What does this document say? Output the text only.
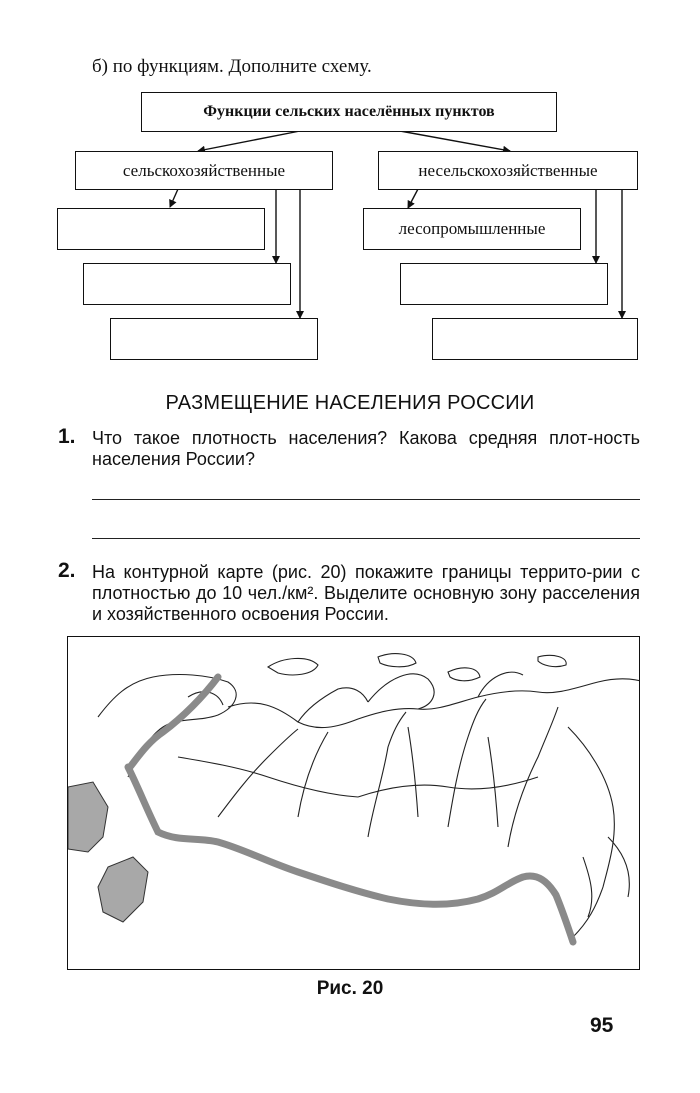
б) по функциям. Дополните схему.
Функции сельских населённых пунктов
сельскохозяйственные	несельскохозяйственные
лесопромышленные
РАЗМЕЩЕНИЕ НАСЕЛЕНИЯ РОССИИ
1. Что такое плотность населения? Какова средняя плот-ность населения России?
2. На контурной карте (рис. 20) покажите границы террито-рии с плотностью до 10 чел./км². Выделите основную зону расселения и хозяйственного освоения России.
Рис. 20
95
